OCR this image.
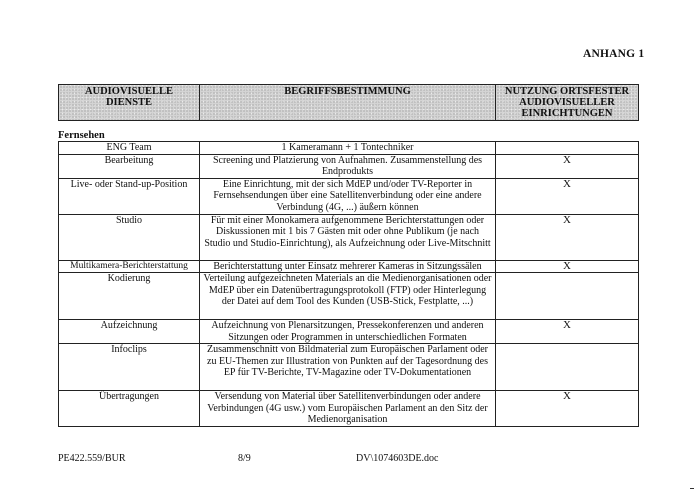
ANHANG 1
AUDIOVISUELLE DIENSTE	BEGRIFFSBESTIMMUNG	NUTZUNG ORTSFESTER AUDIOVISUELLER EINRICHTUNGEN
Fernsehen
ENG Team	1 Kameramann + 1 Tontechniker	
Bearbeitung	Screening und Platzierung von Aufnahmen. Zusammenstellung des Endprodukts	X
Live- oder Stand-up-Position	Eine Einrichtung, mit der sich MdEP und/oder TV-Reporter in Fernsehsendungen über eine Satellitenverbindung oder eine andere Verbindung (4G, ...) äußern können	X
Studio	Für mit einer Monokamera aufgenommene Berichterstattungen oder Diskussionen mit 1 bis 7 Gästen mit oder ohne Publikum (je nach Studio und Studio-Einrichtung), als Aufzeichnung oder Live-Mitschnitt	X
Multikamera-Berichterstattung	Berichterstattung unter Einsatz mehrerer Kameras in Sitzungssälen	X
Kodierung	Verteilung aufgezeichneten Materials an die Medienorganisationen oder MdEP über ein Datenübertragungsprotokoll (FTP) oder Hinterlegung der Datei auf dem Tool des Kunden (USB-Stick, Festplatte, ...)	
Aufzeichnung	Aufzeichnung von Plenarsitzungen, Pressekonferenzen und anderen Sitzungen oder Programmen in unterschiedlichen Formaten	X
Infoclips	Zusammenschnitt von Bildmaterial zum Europäischen Parlament oder zu EU-Themen zur Illustration von Punkten auf der Tagesordnung des EP für TV-Berichte, TV-Magazine oder TV-Dokumentationen	
Übertragungen	Versendung von Material über Satellitenverbindungen oder andere Verbindungen (4G usw.) vom Europäischen Parlament an den Sitz der Medienorganisation	X
PE422.559/BUR	8/9	DV\1074603DE.doc
